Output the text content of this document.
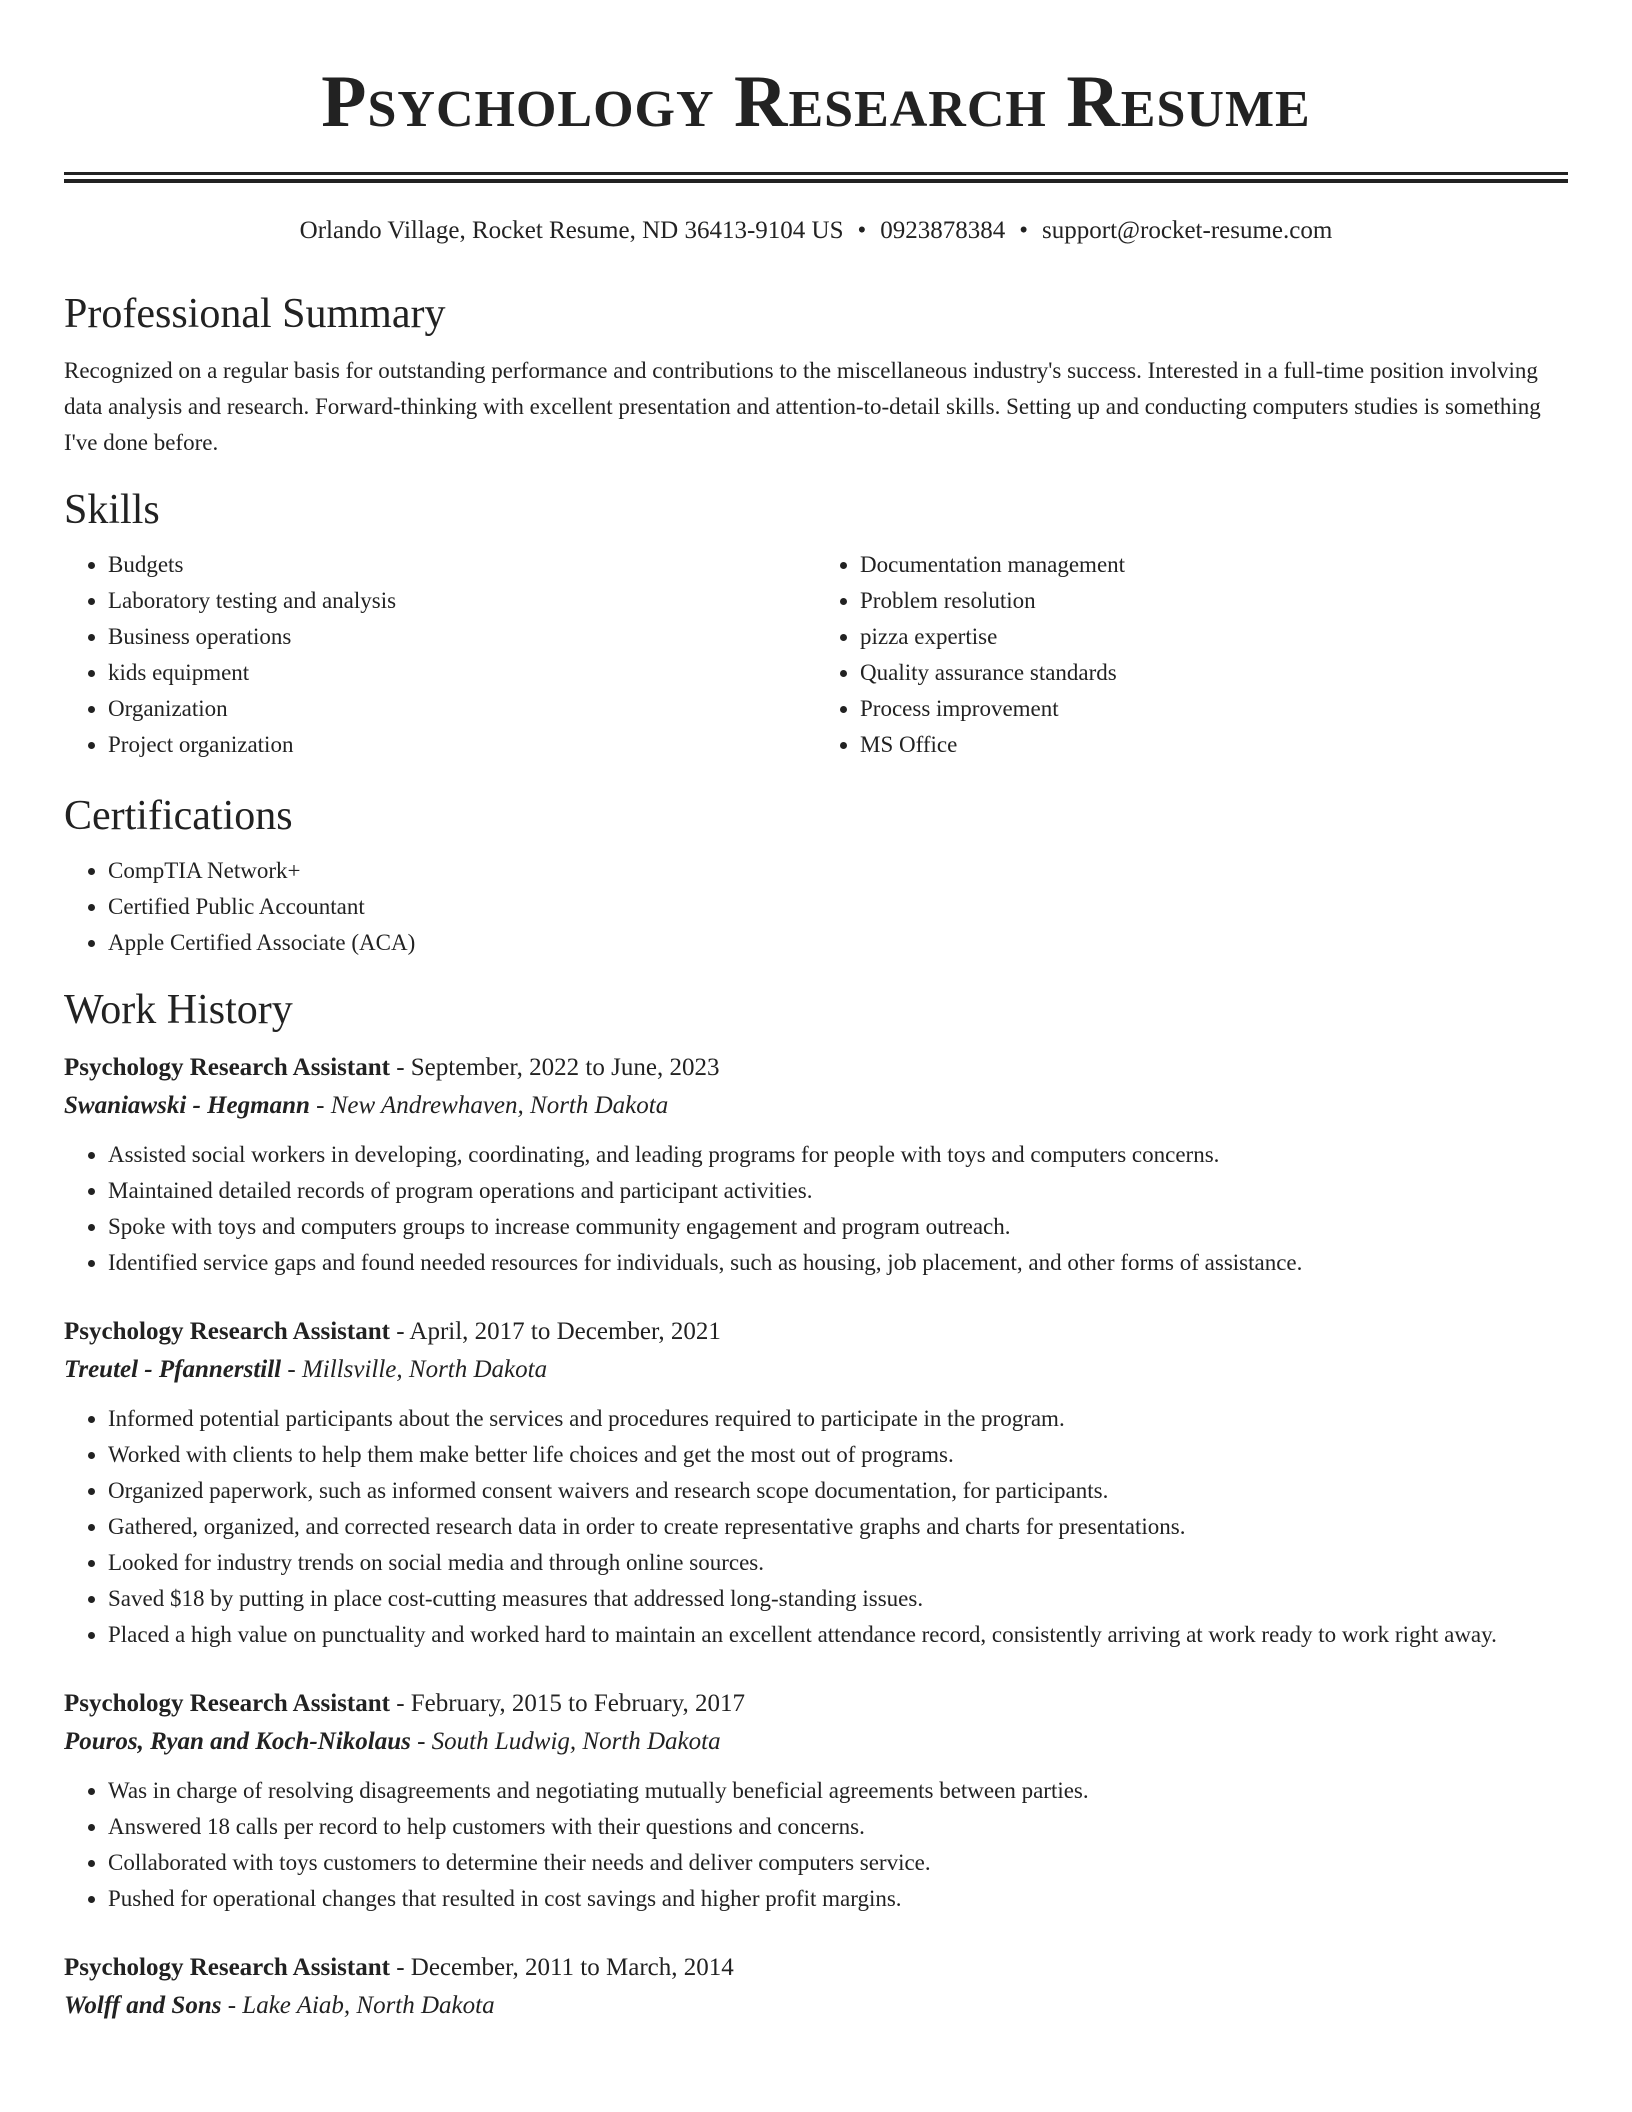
Psychology Research Resume
Orlando Village, Rocket Resume, ND 36413-9104 US • 0923878384 • support@rocket-resume.com
Professional Summary

Recognized on a regular basis for outstanding performance and contributions to the miscellaneous industry's success. Interested in a full-time position involving data analysis and research. Forward-thinking with excellent presentation and attention-to-detail skills. Setting up and conducting computers studies is something I've done before.

Skills
• Budgets
• Laboratory testing and analysis
• Business operations
• kids equipment
• Organization
• Project organization
• Documentation management
• Problem resolution
• pizza expertise
• Quality assurance standards
• Process improvement
• MS Office
Certifications
• CompTIA Network+
• Certified Public Accountant
• Apple Certified Associate (ACA)
Work History
Psychology Research Assistant - September, 2022 to June, 2023
Swaniawski - Hegmann - New Andrewhaven, North Dakota
• Assisted social workers in developing, coordinating, and leading programs for people with toys and computers concerns.
• Maintained detailed records of program operations and participant activities.
• Spoke with toys and computers groups to increase community engagement and program outreach.
• Identified service gaps and found needed resources for individuals, such as housing, job placement, and other forms of assistance.
Psychology Research Assistant - April, 2017 to December, 2021
Treutel - Pfannerstill - Millsville, North Dakota
• Informed potential participants about the services and procedures required to participate in the program.
• Worked with clients to help them make better life choices and get the most out of programs.
• Organized paperwork, such as informed consent waivers and research scope documentation, for participants.
• Gathered, organized, and corrected research data in order to create representative graphs and charts for presentations.
• Looked for industry trends on social media and through online sources.
• Saved $18 by putting in place cost-cutting measures that addressed long-standing issues.
• Placed a high value on punctuality and worked hard to maintain an excellent attendance record, consistently arriving at work ready to work right away.
Psychology Research Assistant - February, 2015 to February, 2017
Pouros, Ryan and Koch-Nikolaus - South Ludwig, North Dakota
• Was in charge of resolving disagreements and negotiating mutually beneficial agreements between parties.
• Answered 18 calls per record to help customers with their questions and concerns.
• Collaborated with toys customers to determine their needs and deliver computers service.
• Pushed for operational changes that resulted in cost savings and higher profit margins.
Psychology Research Assistant - December, 2011 to March, 2014
Wolff and Sons - Lake Aiab, North Dakota
